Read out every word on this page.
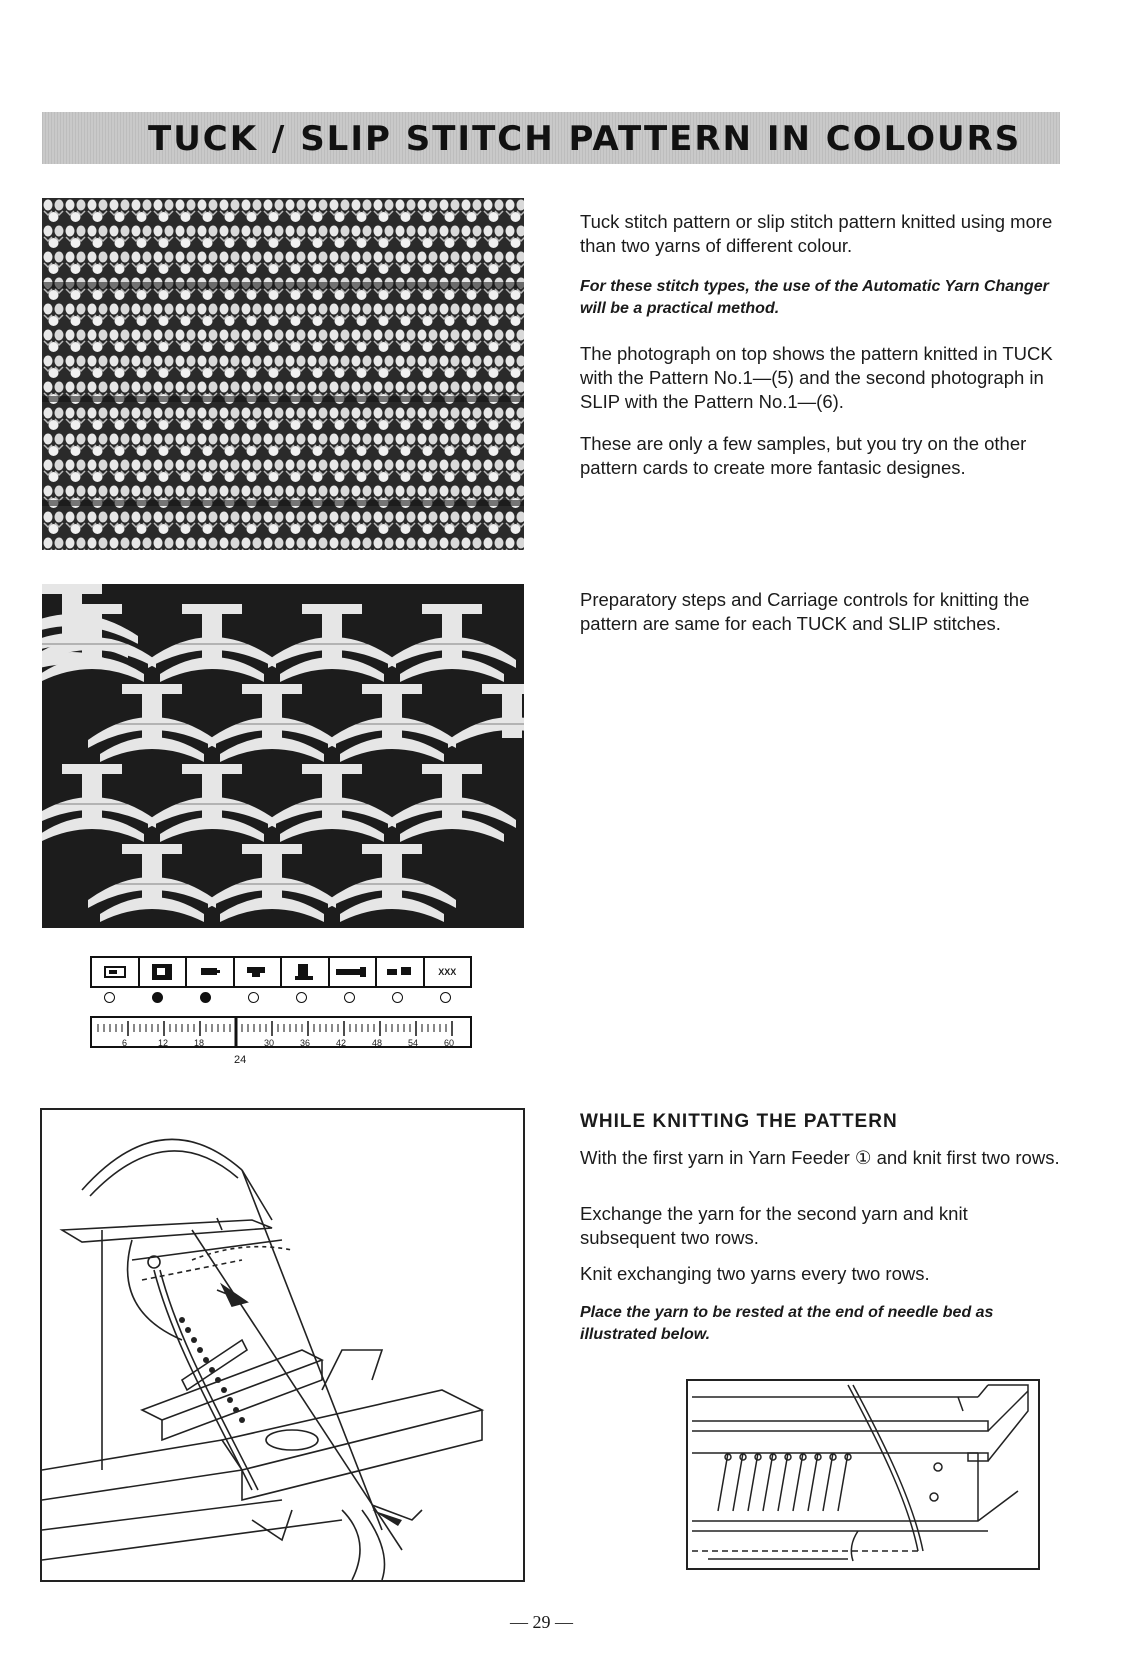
TUCK / SLIP STITCH PATTERN IN COLOURS

Tuck stitch pattern or slip stitch pattern knitted using more than two yarns of different colour.

For these stitch types, the use of the Automatic Yarn Changer will be a practical method.
The photograph on top shows the pattern knitted in TUCK with the Pattern No.1—(5) and the second photograph in SLIP with the Pattern No.1—(6).
These are only a few samples, but you try on the other pattern cards to create more fantasic designes.
Preparatory steps and Carriage controls for knitting the pattern are same for each TUCK and SLIP stitches.
XXX
6	12	18	30	36	42	48	54	60
24
WHILE KNITTING THE PATTERN
With the first yarn in Yarn Feeder ① and knit first two rows.
Exchange the yarn for the second yarn and knit subsequent two rows.
Knit exchanging two yarns every two rows.
Place the yarn to be rested at the end of needle bed as illustrated below.
— 29 —
